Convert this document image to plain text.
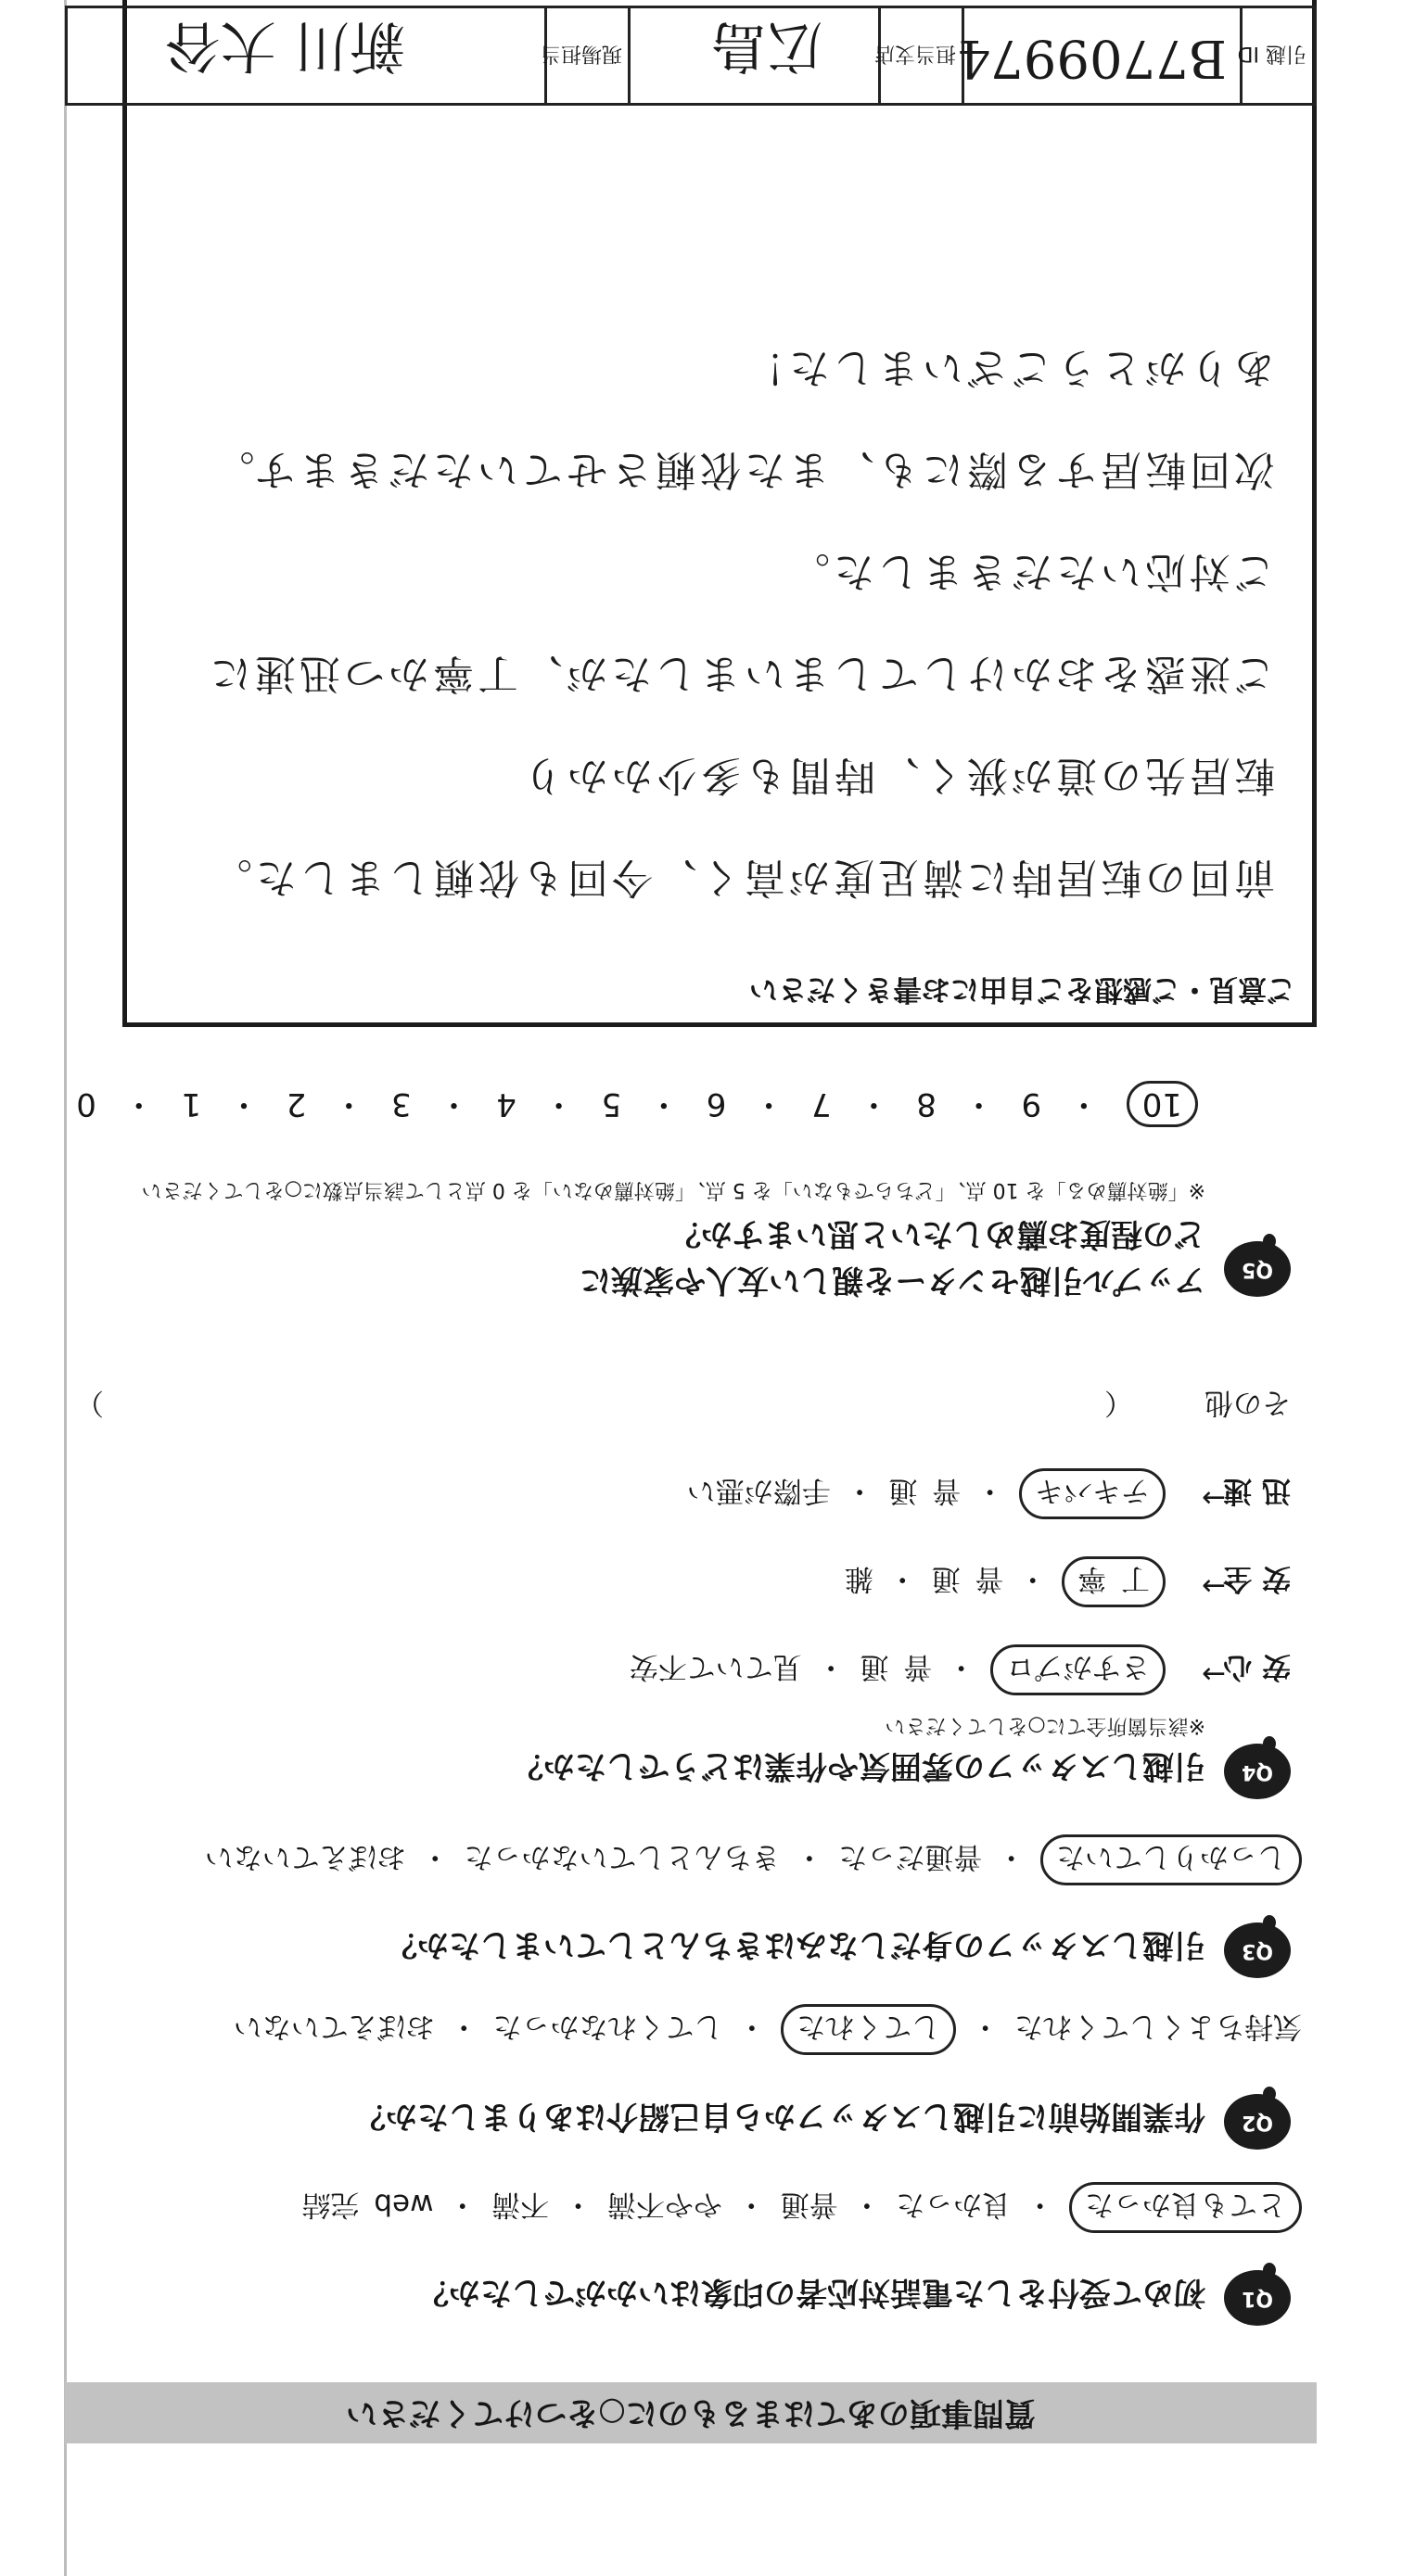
質問事項のあてはまるものに○をつけてください
Q1
初めて受付をした電話対応者の印象はいかがでしたか？
とても良かった ・ 良かった ・ 普通 ・ やや不満 ・ 不満 ・ web 完結
Q2
作業開始前に引越しスタッフから自己紹介はありましたか？
気持ちよくしてくれた ・ してくれた ・ してくれなかった ・ おぼえていない
Q3
引越しスタッフの身だしなみはきちんとしていましたか？
しっかりしていた ・ 普通だった ・ きちんとしていなかった ・ おぼえていない
Q4
引越しスタッフの雰囲気や作業はどうでしたか？
※該当箇所全てに○をしてください
安 心
→
さすがプロ ・ 普 通 ・ 見ていて不安
安 全
→
丁 寧 ・ 普 通 ・ 雑
迅 速
→
テキパキ ・ 普 通 ・ 手際が悪い
その他
（
）
Q5
アップル引越センターを親しい友人や家族に
どの程度お薦めしたいと思いますか？
※「絶対薦める」を 10 点、「どちらでもない」を 5 点、「絶対薦めない」を 0 点として該当点数に○をしてください
10 ・ 9 ・ 8 ・ 7 ・ 6 ・ 5 ・ 4 ・ 3 ・ 2 ・ 1 ・ 0
ご意見・ご感想をご自由にお書きください
前回の転居時に満足度が高く、今回も依頼しました。
転居先の道が狭く、時間も多少かかり
ご迷惑をおかけしてしまいましたが、丁寧かつ迅速に
ご対応いただきました。
次回転居する際にも、また依頼させていただきます。
ありがとうございました！
引越 ID
B7709974
担当支店
広島
現場担当
新川 大谷
